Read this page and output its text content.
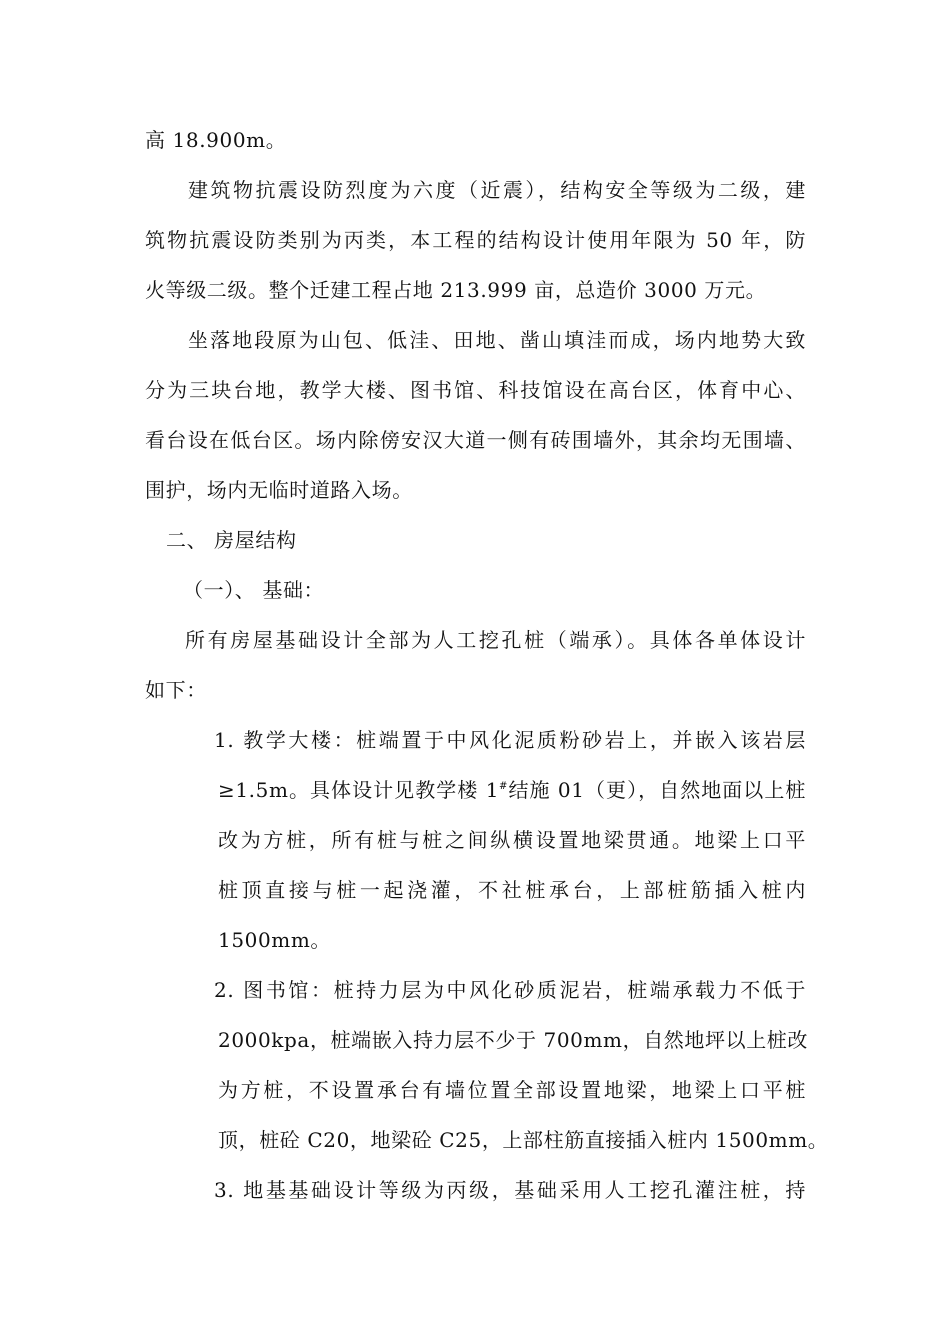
高 18.900m。
建筑物抗震设防烈度为六度（近震），结构安全等级为二级，建
筑物抗震设防类别为丙类，本工程的结构设计使用年限为 50 年，防
火等级二级。整个迁建工程占地 213.999 亩，总造价 3000 万元。
坐落地段原为山包、低洼、田地、凿山填洼而成，场内地势大致
分为三块台地，教学大楼、图书馆、科技馆设在高台区，体育中心、
看台设在低台区。场内除傍安汉大道一侧有砖围墙外，其余均无围墙、
围护，场内无临时道路入场。
二、 房屋结构
（一）、 基础：
所有房屋基础设计全部为人工挖孔桩（端承）。具体各单体设计
如下：
1. 教学大楼：桩端置于中风化泥质粉砂岩上，并嵌入该岩层
≥1.5m。具体设计见教学楼 1#结施 01（更），自然地面以上桩
改为方桩，所有桩与桩之间纵横设置地梁贯通。地梁上口平
桩顶直接与桩一起浇灌，不社桩承台，上部桩筋插入桩内
1500mm。
2. 图书馆：桩持力层为中风化砂质泥岩，桩端承载力不低于
2000kpa，桩端嵌入持力层不少于 700mm，自然地坪以上桩改
为方桩，不设置承台有墙位置全部设置地梁，地梁上口平桩
顶，桩砼 C20，地梁砼 C25，上部柱筋直接插入桩内 1500mm。
3. 地基基础设计等级为丙级，基础采用人工挖孔灌注桩，持
